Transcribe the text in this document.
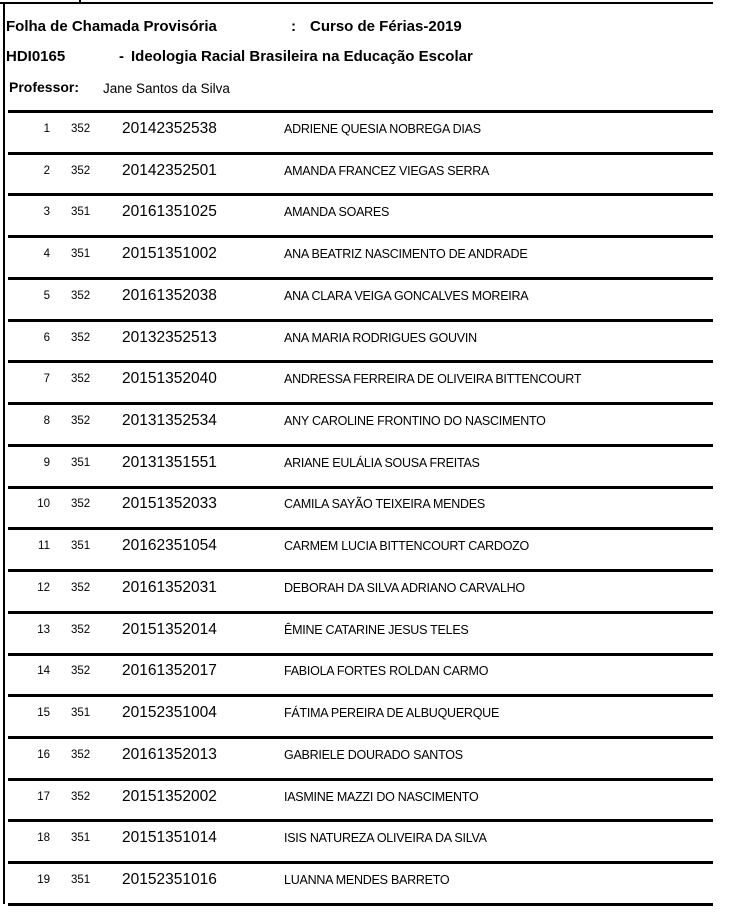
Folha de Chamada Provisória	: Curso de Férias-2019
HDI0165	- Ideologia Racial Brasileira na Educação Escolar
Professor: Jane Santos da Silva
1 352 20142352538	ADRIENE QUESIA NOBREGA DIAS
2 352 20142352501	AMANDA FRANCEZ VIEGAS SERRA
3 351 20161351025	AMANDA SOARES
4 351 20151351002	ANA BEATRIZ NASCIMENTO DE ANDRADE
5 352 20161352038	ANA CLARA VEIGA GONCALVES MOREIRA
6 352 20132352513	ANA MARIA RODRIGUES GOUVIN
7 352 20151352040	ANDRESSA FERREIRA DE OLIVEIRA BITTENCOURT
8 352 20131352534	ANY CAROLINE FRONTINO DO NASCIMENTO
9 351 20131351551	ARIANE EULÁLIA SOUSA FREITAS
10 352 20151352033	CAMILA SAYÃO TEIXEIRA MENDES
11 351 20162351054	CARMEM LUCIA BITTENCOURT CARDOZO
12 352 20161352031	DEBORAH DA SILVA ADRIANO CARVALHO
13 352 20151352014	ÊMINE CATARINE JESUS TELES
14 352 20161352017	FABIOLA FORTES ROLDAN CARMO
15 351 20152351004	FÁTIMA PEREIRA DE ALBUQUERQUE
16 352 20161352013	GABRIELE DOURADO SANTOS
17 352 20151352002	IASMINE MAZZI DO NASCIMENTO
18 351 20151351014	ISIS NATUREZA OLIVEIRA DA SILVA
19 351 20152351016	LUANNA MENDES BARRETO
